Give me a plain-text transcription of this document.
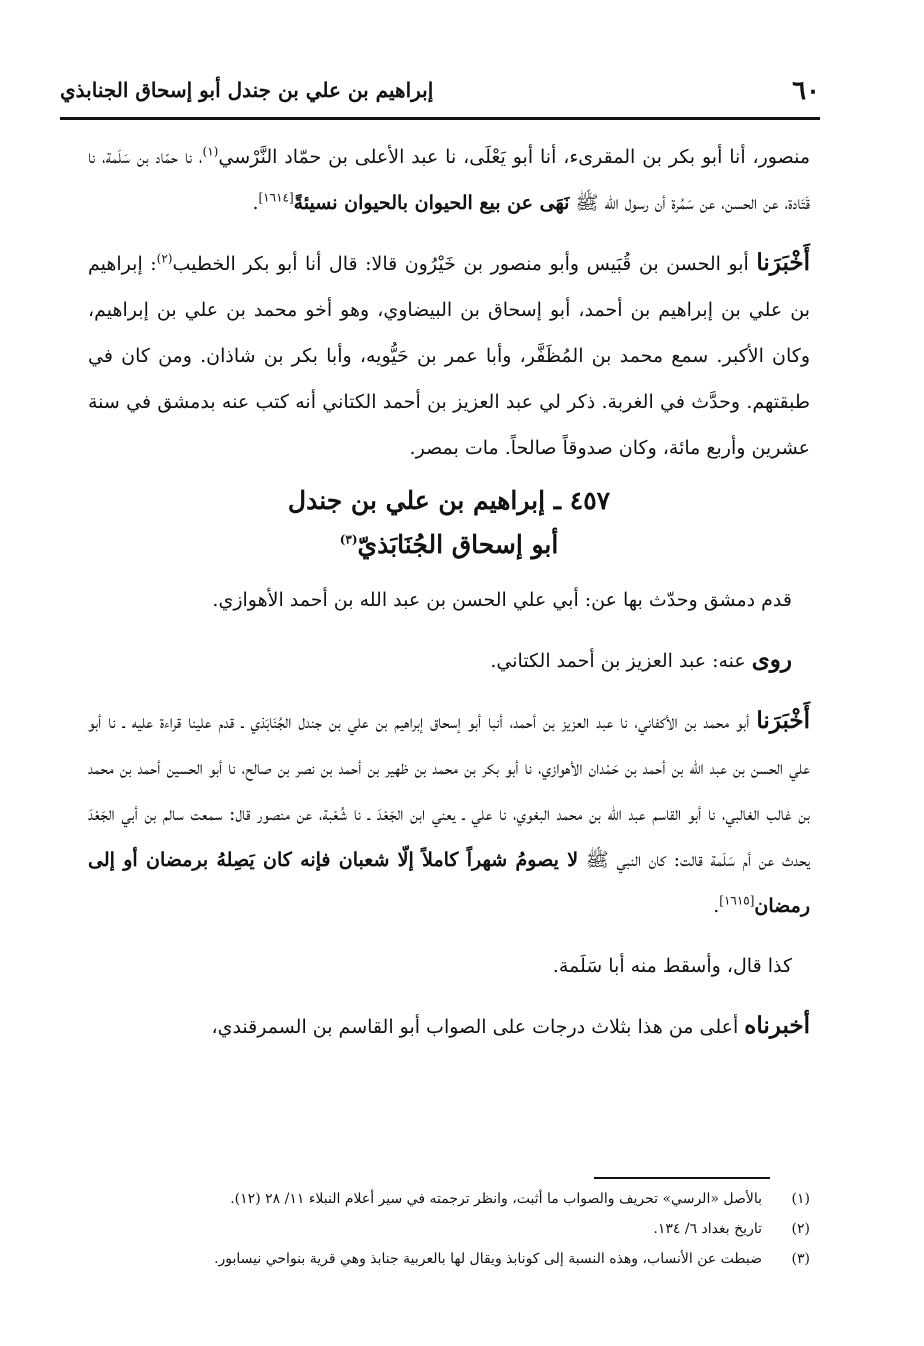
٦٠
إبراهيم بن علي بن جندل أبو إسحاق الجنابذي

منصور، أنا أبو بكر بن المقرىء، أنا أبو يَعْلَى، نا عبد الأعلى بن حمّاد النَّرْسي$^{(١)}$، نا حمّاد بن سَلَمة، نا قَتَادة، عن الحسن، عن سَمُرة أن رسول الله ﷺ نَهَى عن بيع الحيوان بالحيوان نسيئةً[١٦١٤].

أَخْبَرَنا أبو الحسن بن قُبَيس وأبو منصور بن خَيْرُون قالا: قال أنا أبو بكر الخطيب$^{(٢)}$: إبراهيم بن علي بن إبراهيم بن أحمد، أبو إسحاق بن البيضاوي، وهو أخو محمد بن علي بن إبراهيم، وكان الأكبر. سمع محمد بن المُظَفَّر، وأبا عمر بن حَيُّويه، وأبا بكر بن شاذان. ومن كان في طبقتهم. وحدَّث في الغربة. ذكر لي عبد العزيز بن أحمد الكتاني أنه كتب عنه بدمشق في سنة عشرين وأربع مائة، وكان صدوقاً صالحاً. مات بمصر.

٤٥٧ ـ إبراهيم بن علي بن جندل
أبو إسحاق الجُنَابَذيّ$^{(٣)}$

قدم دمشق وحدّث بها عن: أبي علي الحسن بن عبد الله بن أحمد الأهوازي.

روى عنه: عبد العزيز بن أحمد الكتاني.

أَخْبَرَنا أبو محمد بن الأكفاني، نا عبد العزيز بن أحمد، أنبا أبو إسحاق إبراهيم بن علي بن جندل الجُنَابَذي ـ قدم علينا قراءة عليه ـ نا أبو علي الحسن بن عبد الله بن أحمد بن حَمْدان الأهوازي، نا أبو بكر بن محمد بن ظهير بن أحمد بن نصر بن صالح، نا أبو الحسين أحمد بن محمد بن غالب الغالبي، نا أبو القاسم عبد الله بن محمد البغوي، نا علي ـ يعني ابن الجَعْدَ ـ نا شُعْبة، عن منصور قال: سمعت سالم بن أبي الجَعْدَ يحدث عن أم سَلَمة قالت: كان النبي ﷺ لا يصومُ شهراً كاملاً إلّا شعبان فإنه كان يَصِلهُ برمضان أو إلى رمضان[١٦١٥].

كذا قال، وأسقط منه أبا سَلَمة.

أخبرناه أعلى من هذا بثلاث درجات على الصواب أبو القاسم بن السمرقندي،

(١)
بالأصل «الرسي» تحريف والصواب ما أثبت، وانظر ترجمته في سير أعلام النبلاء ١١/ ٢٨ (١٢).
(٢)
تاريخ بغداد ٦/ ١٣٤.
(٣)
ضبطت عن الأنساب، وهذه النسبة إلى كونابذ ويقال لها بالعربية جنابذ وهي قرية بنواحي نيسابور.
